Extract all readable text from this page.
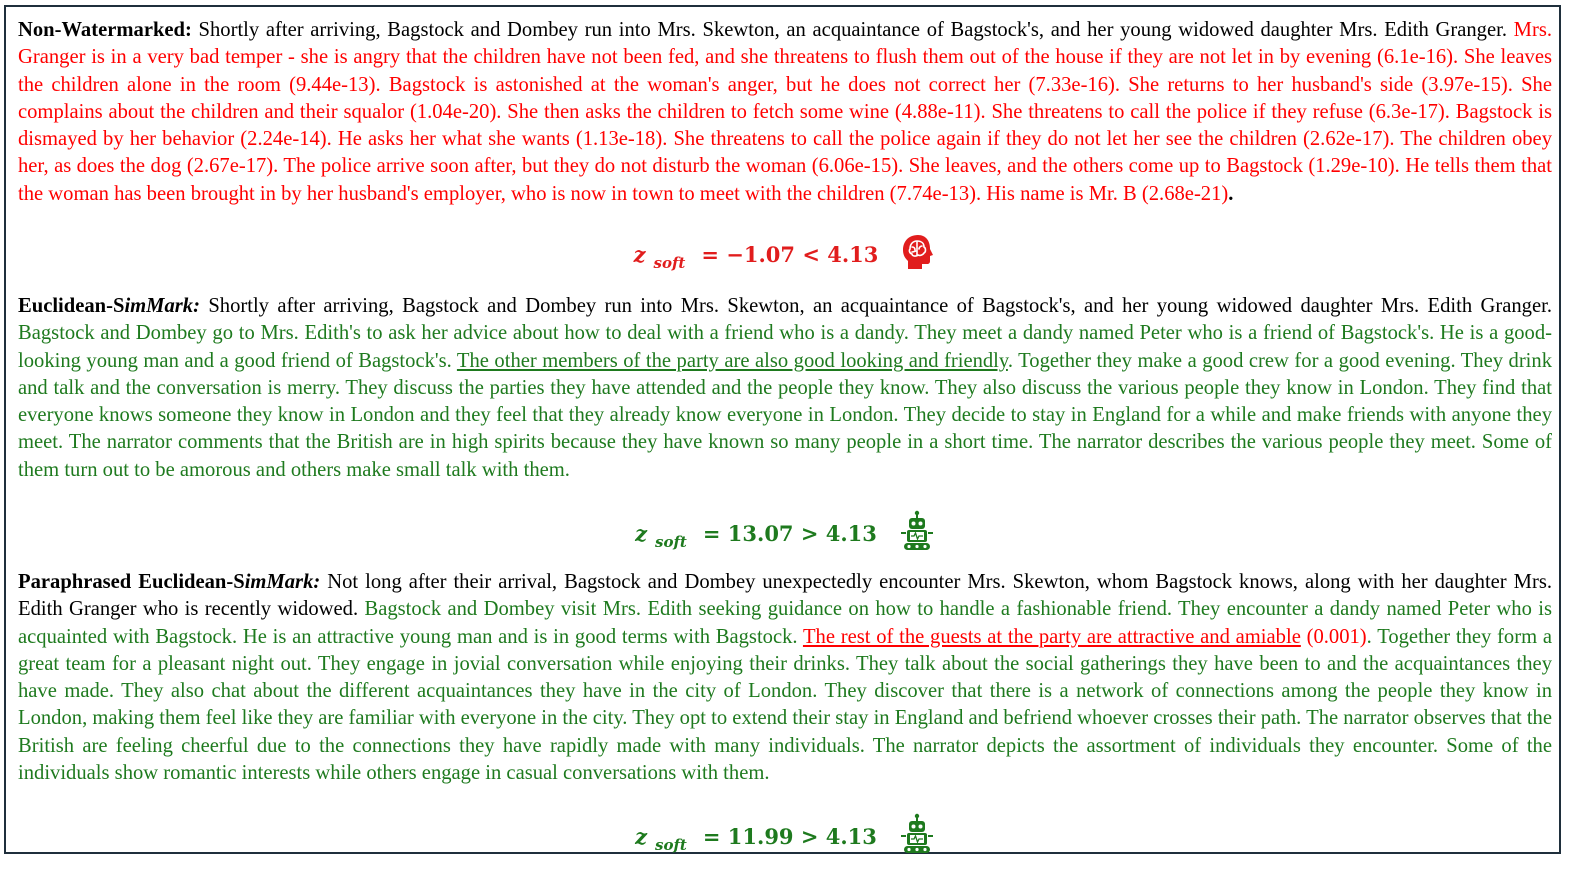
Non-Watermarked: Shortly after arriving, Bagstock and Dombey run into Mrs. Skewton, an acquaintance of Bagstock's, and her young widowed daughter Mrs. Edith Granger. Mrs. Granger is in a very bad temper - she is angry that the children have not been fed, and she threatens to flush them out of the house if they are not let in by evening (6.1e-16). She leaves the children alone in the room (9.44e-13). Bagstock is astonished at the woman's anger, but he does not correct her (7.33e-16). She returns to her husband's side (3.97e-15). She complains about the children and their squalor (1.04e-20). She then asks the children to fetch some wine (4.88e-11). She threatens to call the police if they refuse (6.3e-17). Bagstock is dismayed by her behavior (2.24e-14). He asks her what she wants (1.13e-18). She threatens to call the police again if they do not let her see the children (2.62e-17). The children obey her, as does the dog (2.67e-17). The police arrive soon after, but they do not disturb the woman (6.06e-15). She leaves, and the others come up to Bagstock (1.29e-10). He tells them that the woman has been brought in by her husband's employer, who is now in town to meet with the children (7.74e-13). His name is Mr. B (2.68e-21).

z soft = −1.07 < 4.13

Euclidean-SimMark: Shortly after arriving, Bagstock and Dombey run into Mrs. Skewton, an acquaintance of Bagstock's, and her young widowed daughter Mrs. Edith Granger. Bagstock and Dombey go to Mrs. Edith's to ask her advice about how to deal with a friend who is a dandy. They meet a dandy named Peter who is a friend of Bagstock's. He is a good-looking young man and a good friend of Bagstock's. The other members of the party are also good looking and friendly. Together they make a good crew for a good evening. They drink and talk and the conversation is merry. They discuss the parties they have attended and the people they know. They also discuss the various people they know in London. They find that everyone knows someone they know in London and they feel that they already know everyone in London. They decide to stay in England for a while and make friends with anyone they meet. The narrator comments that the British are in high spirits because they have known so many people in a short time. The narrator describes the various people they meet. Some of them turn out to be amorous and others make small talk with them.

z soft = 13.07 > 4.13

Paraphrased Euclidean-SimMark: Not long after their arrival, Bagstock and Dombey unexpectedly encounter Mrs. Skewton, whom Bagstock knows, along with her daughter Mrs. Edith Granger who is recently widowed. Bagstock and Dombey visit Mrs. Edith seeking guidance on how to handle a fashionable friend. They encounter a dandy named Peter who is acquainted with Bagstock. He is an attractive young man and is in good terms with Bagstock. The rest of the guests at the party are attractive and amiable (0.001). Together they form a great team for a pleasant night out. They engage in jovial conversation while enjoying their drinks. They talk about the social gatherings they have been to and the acquaintances they have made. They also chat about the different acquaintances they have in the city of London. They discover that there is a network of connections among the people they know in London, making them feel like they are familiar with everyone in the city. They opt to extend their stay in England and befriend whoever crosses their path. The narrator observes that the British are feeling cheerful due to the connections they have rapidly made with many individuals. The narrator depicts the assortment of individuals they encounter. Some of the individuals show romantic interests while others engage in casual conversations with them.

z soft = 11.99 > 4.13
